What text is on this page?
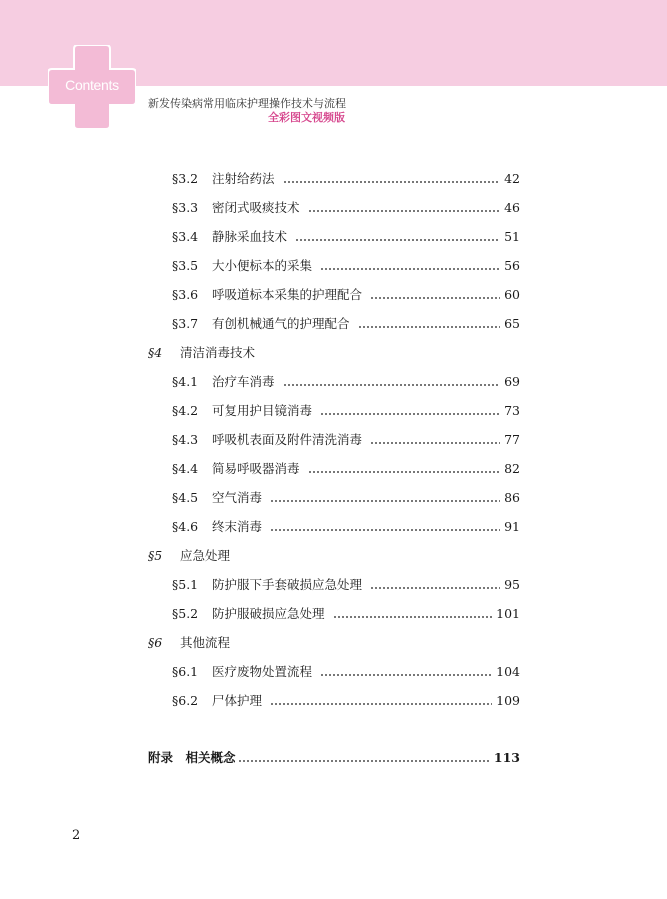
Contents
新发传染病常用临床护理操作技术与流程
全彩图文视频版
§3.2	注射给药法	42
§3.3	密闭式吸痰技术	46
§3.4	静脉采血技术	51
§3.5	大小便标本的采集	56
§3.6	呼吸道标本采集的护理配合	60
§3.7	有创机械通气的护理配合	65
§4	清洁消毒技术
§4.1	治疗车消毒	69
§4.2	可复用护目镜消毒	73
§4.3	呼吸机表面及附件清洗消毒	77
§4.4	简易呼吸器消毒	82
§4.5	空气消毒	86
§4.6	终末消毒	91
§5	应急处理
§5.1	防护服下手套破损应急处理	95
§5.2	防护服破损应急处理	101
§6	其他流程
§6.1	医疗废物处置流程	104
§6.2	尸体护理	109
附录　相关概念	113
2
